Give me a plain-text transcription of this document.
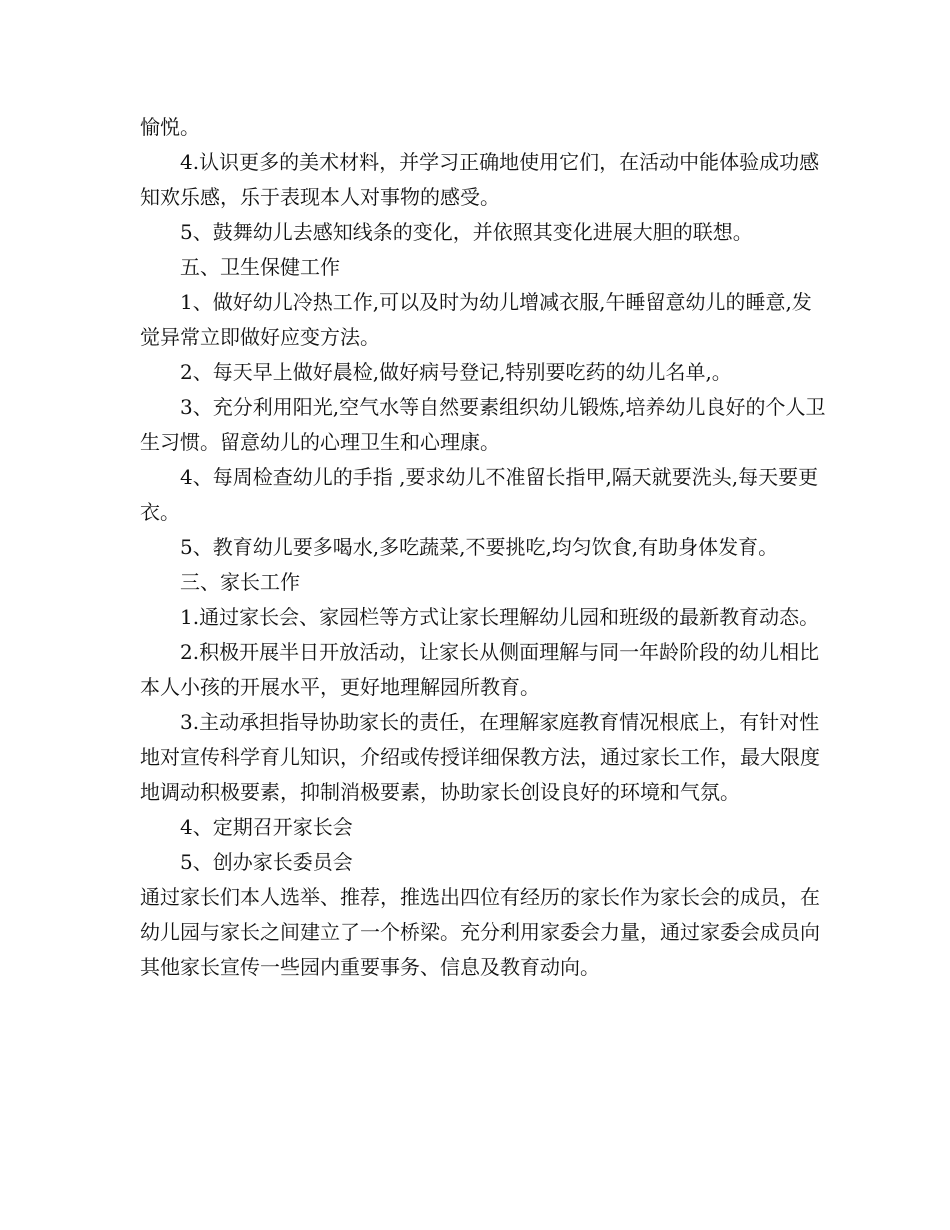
愉悦。

4.认识更多的美术材料，并学习正确地使用它们，在活动中能体验成功感知欢乐感，乐于表现本人对事物的感受。

5、鼓舞幼儿去感知线条的变化，并依照其变化进展大胆的联想。

五、卫生保健工作

1、做好幼儿冷热工作,可以及时为幼儿增减衣服,午睡留意幼儿的睡意,发觉异常立即做好应变方法。

2、每天早上做好晨检,做好病号登记,特别要吃药的幼儿名单,。

3、充分利用阳光,空气水等自然要素组织幼儿锻炼,培养幼儿良好的个人卫生习惯。留意幼儿的心理卫生和心理康。

4、每周检查幼儿的手指 ,要求幼儿不准留长指甲,隔天就要洗头,每天要更衣。

5、教育幼儿要多喝水,多吃蔬菜,不要挑吃,均匀饮食,有助身体发育。

三、家长工作

1.通过家长会、家园栏等方式让家长理解幼儿园和班级的最新教育动态。

2.积极开展半日开放活动，让家长从侧面理解与同一年龄阶段的幼儿相比本人小孩的开展水平，更好地理解园所教育。

3.主动承担指导协助家长的责任，在理解家庭教育情况根底上，有针对性地对宣传科学育儿知识，介绍或传授详细保教方法，通过家长工作，最大限度地调动积极要素，抑制消极要素，协助家长创设良好的环境和气氛。

4、定期召开家长会

5、创办家长委员会

通过家长们本人选举、推荐，推选出四位有经历的家长作为家长会的成员，在幼儿园与家长之间建立了一个桥梁。充分利用家委会力量，通过家委会成员向其他家长宣传一些园内重要事务、信息及教育动向。
